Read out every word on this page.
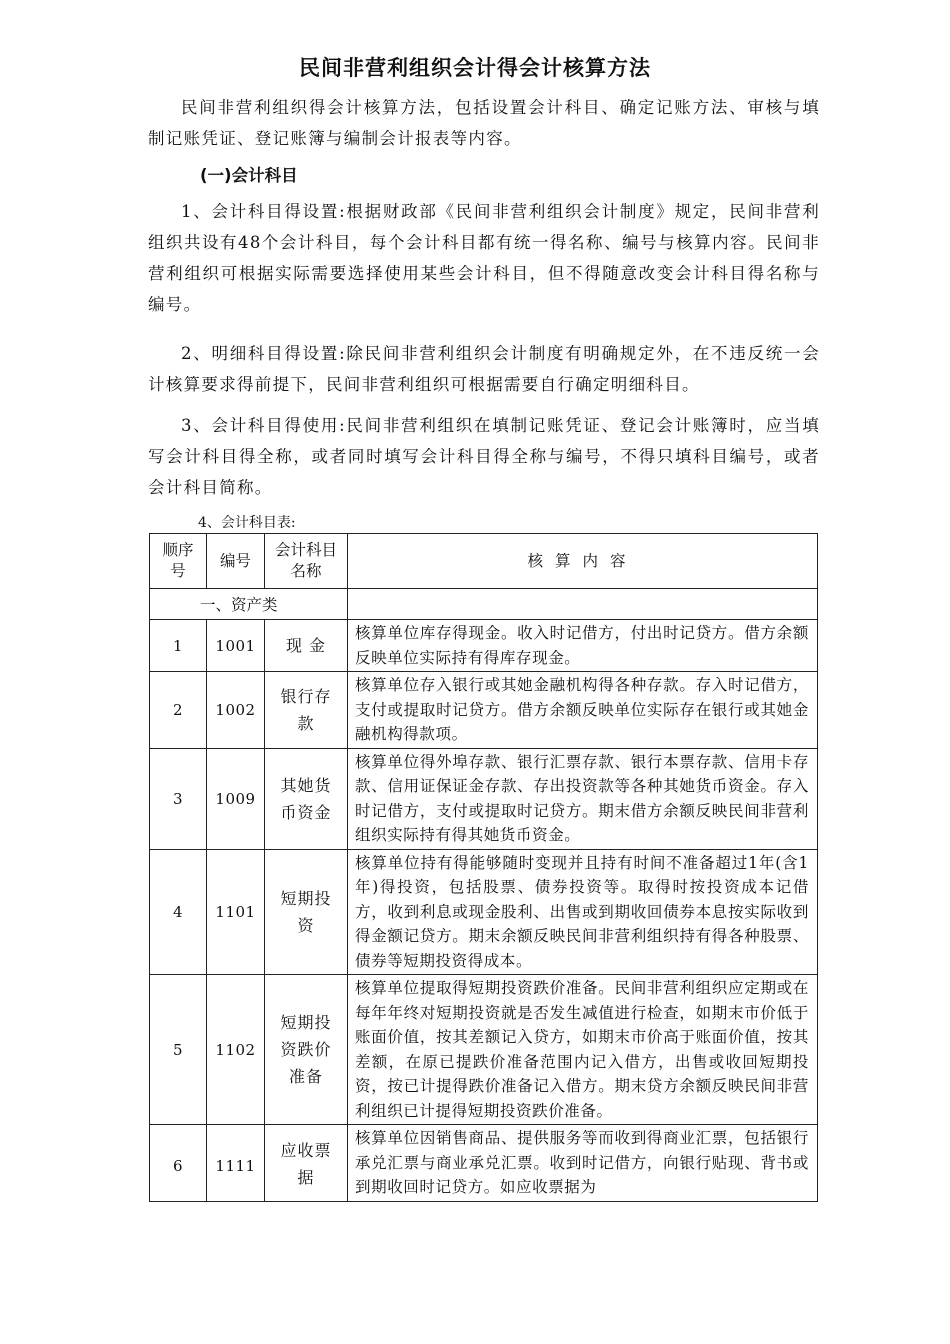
民间非营利组织会计得会计核算方法

民间非营利组织得会计核算方法，包括设置会计科目、确定记账方法、审核与填制记账凭证、登记账簿与编制会计报表等内容。

(一)会计科目

1、会计科目得设置:根据财政部《民间非营利组织会计制度》规定，民间非营利组织共设有48个会计科目，每个会计科目都有统一得名称、编号与核算内容。民间非营利组织可根据实际需要选择使用某些会计科目，但不得随意改变会计科目得名称与编号。

2、明细科目得设置:除民间非营利组织会计制度有明确规定外，在不违反统一会计核算要求得前提下，民间非营利组织可根据需要自行确定明细科目。

3、会计科目得使用:民间非营利组织在填制记账凭证、登记会计账簿时，应当填写会计科目得全称，或者同时填写会计科目得全称与编号，不得只填科目编号，或者会计科目简称。

4、会计科目表:

顺序号	编号	会计科目名称	核算内容
一、资产类			
1	1001	现 金	核算单位库存得现金。收入时记借方，付出时记贷方。借方余额反映单位实际持有得库存现金。
2	1002	银行存款	核算单位存入银行或其她金融机构得各种存款。存入时记借方，支付或提取时记贷方。借方余额反映单位实际存在银行或其她金融机构得款项。
3	1009	其她货币资金	核算单位得外埠存款、银行汇票存款、银行本票存款、信用卡存款、信用证保证金存款、存出投资款等各种其她货币资金。存入时记借方，支付或提取时记贷方。期末借方余额反映民间非营利组织实际持有得其她货币资金。
4	1101	短期投资	核算单位持有得能够随时变现并且持有时间不准备超过1年(含1年)得投资，包括股票、债券投资等。取得时按投资成本记借方，收到利息或现金股利、出售或到期收回债券本息按实际收到得金额记贷方。期末余额反映民间非营利组织持有得各种股票、债券等短期投资得成本。
5	1102	短期投资跌价准备	核算单位提取得短期投资跌价准备。民间非营利组织应定期或在每年年终对短期投资就是否发生减值进行检查，如期末市价低于账面价值，按其差额记入贷方，如期末市价高于账面价值，按其差额，在原已提跌价准备范围内记入借方，出售或收回短期投资，按已计提得跌价准备记入借方。期末贷方余额反映民间非营利组织已计提得短期投资跌价准备。
6	1111	应收票据	核算单位因销售商品、提供服务等而收到得商业汇票，包括银行承兑汇票与商业承兑汇票。收到时记借方，向银行贴现、背书或到期收回时记贷方。如应收票据为
